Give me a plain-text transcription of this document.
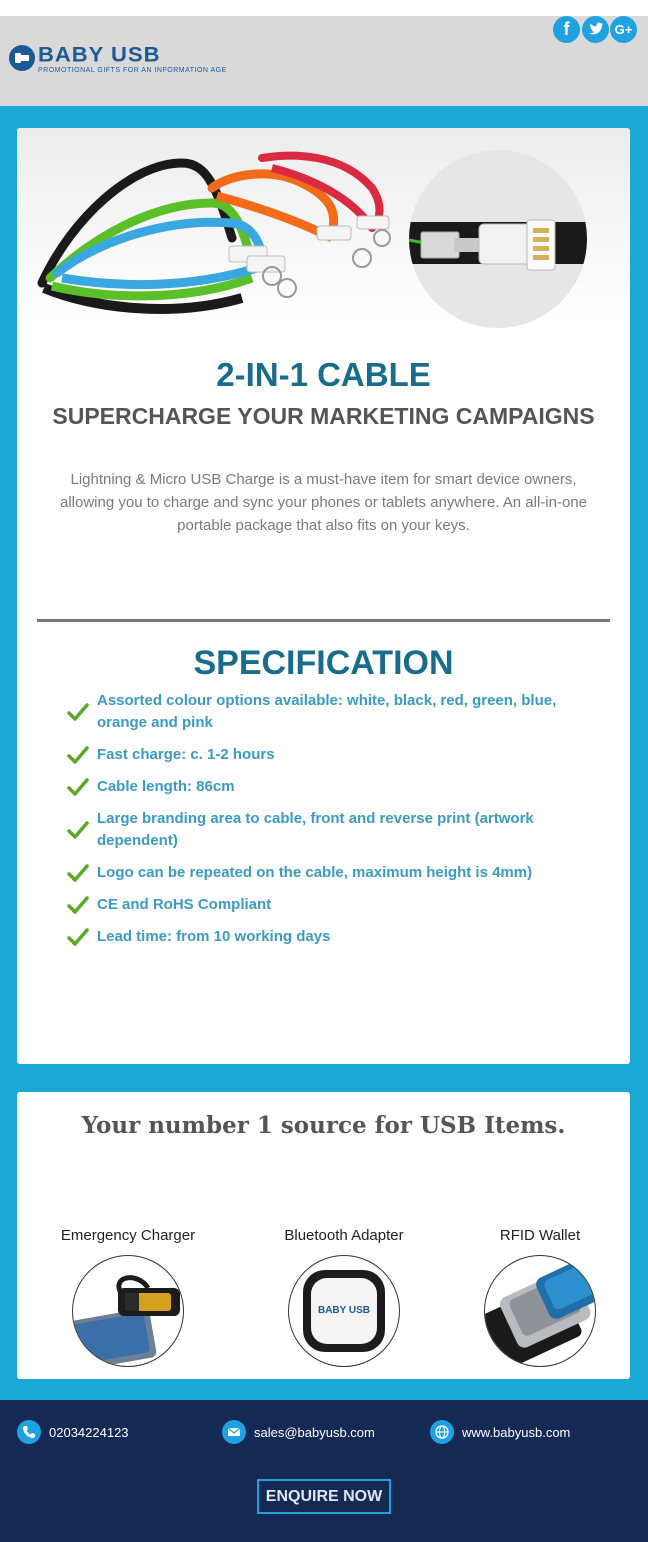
BABY USB
PROMOTIONAL GIFTS FOR AN INFORMATION AGE
f	G+
2-IN-1 CABLE
SUPERCHARGE YOUR MARKETING CAMPAIGNS
Lightning & Micro USB Charge is a must-have item for smart device owners, allowing you to charge and sync your phones or tablets anywhere. An all-in-one portable package that also fits on your keys.
SPECIFICATION
Assorted colour options available: white, black, red, green, blue, orange and pink
Fast charge: c. 1-2 hours
Cable length: 86cm
Large branding area to cable, front and reverse print (artwork dependent)
Logo can be repeated on the cable, maximum height is 4mm)
CE and RoHS Compliant
Lead time: from 10 working days
Your number 1 source for USB Items.
Emergency Charger	Bluetooth Adapter
BABY USB
RFID Wallet
02034224123	sales@babyusb.com	www.babyusb.com
ENQUIRE NOW
